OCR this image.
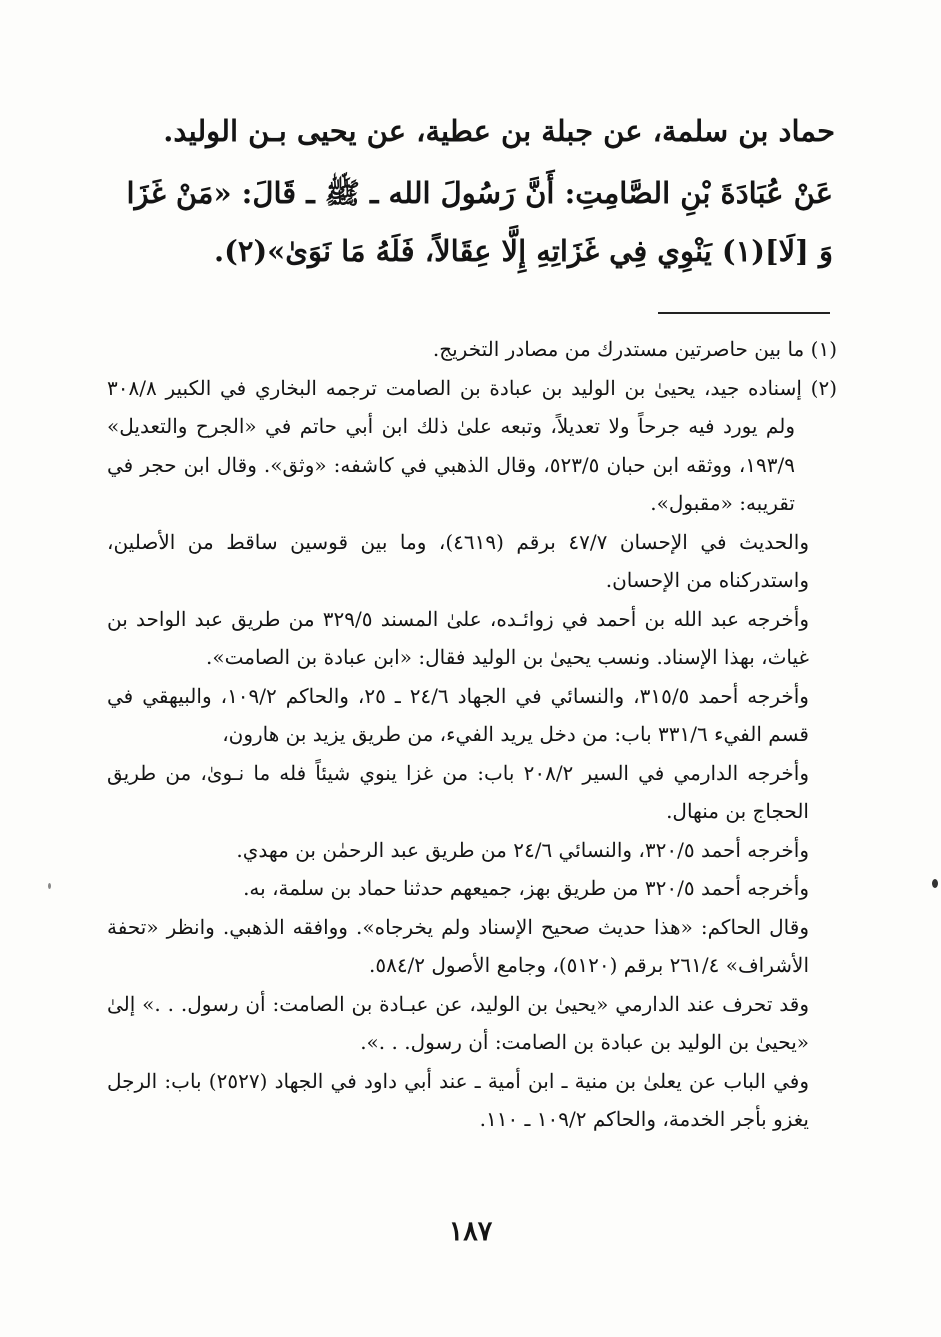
حماد بن سلمة، عن جبلة بن عطية، عن يحيى بـن الوليد.
عَنْ عُبَادَةَ بْنِ الصَّامِتِ: أَنَّ رَسُولَ الله ـ ﷺ ـ قَالَ: «مَنْ غَزَا
وَ [لَا](١) يَنْوِي فِي غَزَاتِهِ إِلَّا عِقَالاً، فَلَهُ مَا نَوَىٰ»(٢).

(١) ما بين حاصرتين مستدرك من مصادر التخريج.

(٢) إسناده جيد، يحيىٰ بن الوليد بن عبادة بن الصامت ترجمه البخاري في الكبير ٣٠٨/٨ ولم يورد فيه جرحاً ولا تعديلاً، وتبعه علىٰ ذلك ابن أبي حاتم في «الجرح والتعديل» ١٩٣/٩، ووثقه ابن حبان ٥٢٣/٥، وقال الذهبي في كاشفه: «وثق». وقال ابن حجر في تقريبه: «مقبول».

والحديث في الإحسان ٤٧/٧ برقم (٤٦١٩)، وما بين قوسين ساقط من الأصلين، واستدركناه من الإحسان.

وأخرجه عبد الله بن أحمد في زوائـده، علىٰ المسند ٣٢٩/٥ من طريق عبد الواحد بن غياث، بهذا الإسناد. ونسب يحيىٰ بن الوليد فقال: «ابن عبادة بن الصامت».

وأخرجه أحمد ٣١٥/٥، والنسائي في الجهاد ٢٤/٦ ـ ٢٥، والحاكم ١٠٩/٢، والبيهقي في قسم الفيء ٣٣١/٦ باب: من دخل يريد الفيء، من طريق يزيد بن هارون،

وأخرجه الدارمي في السير ٢٠٨/٢ باب: من غزا ينوي شيئاً فله ما نـوىٰ، من طريق الحجاج بن منهال.

وأخرجه أحمد ٣٢٠/٥، والنسائي ٢٤/٦ من طريق عبد الرحمٰن بن مهدي.

وأخرجه أحمد ٣٢٠/٥ من طريق بهز، جميعهم حدثنا حماد بن سلمة، به.

وقال الحاكم: «هذا حديث صحيح الإسناد ولم يخرجاه». ووافقه الذهبي. وانظر «تحفة الأشراف» ٢٦١/٤ برقم (٥١٢٠)، وجامع الأصول ٥٨٤/٢.

وقد تحرف عند الدارمي «يحيىٰ بن الوليد، عن عبـادة بن الصامت: أن رسول. . .» إلىٰ «يحيىٰ بن الوليد بن عبادة بن الصامت: أن رسول. . .».

وفي الباب عن يعلىٰ بن منية ـ ابن أمية ـ عند أبي داود في الجهاد (٢٥٢٧) باب: الرجل يغزو بأجر الخدمة، والحاكم ١٠٩/٢ ـ ١١٠.

١٨٧
